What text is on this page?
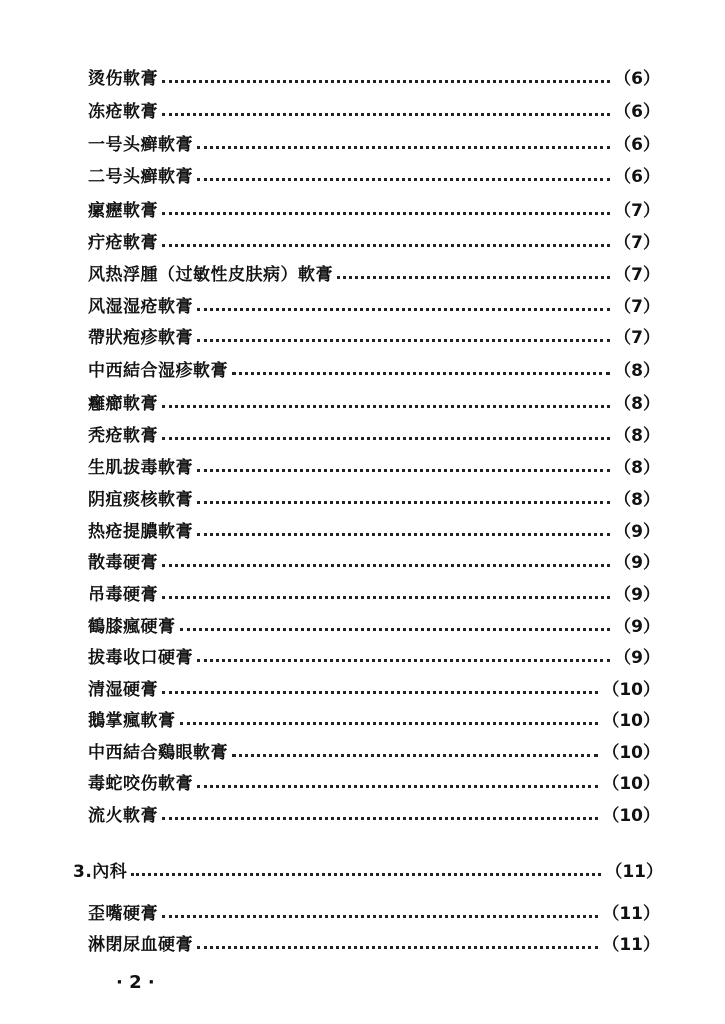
烫伤軟膏	（6）
冻疮軟膏	（6）
一号头癣軟膏	（6）
二号头癣軟膏	（6）
瘰癧軟膏	（7）
疔疮軟膏	（7）
风热浮腫（过敏性皮肤病）軟膏	（7）
风湿湿疮軟膏	（7）
帶狀疱疹軟膏	（7）
中西結合湿疹軟膏	（8）
癰癤軟膏	（8）
秃疮軟膏	（8）
生肌拔毒軟膏	（8）
阴疽痰核軟膏	（8）
热疮提膿軟膏	（9）
散毒硬膏	（9）
吊毒硬膏	（9）
鶴膝瘋硬膏	（9）
拔毒收口硬膏	（9）
清湿硬膏	（10）
鵝掌瘋軟膏	（10）
中西結合鷄眼軟膏	（10）
毒蛇咬伤軟膏	（10）
流火軟膏	（10）
3.內科	（11）
歪嘴硬膏	（11）
淋閉尿血硬膏	（11）
· 2 ·
